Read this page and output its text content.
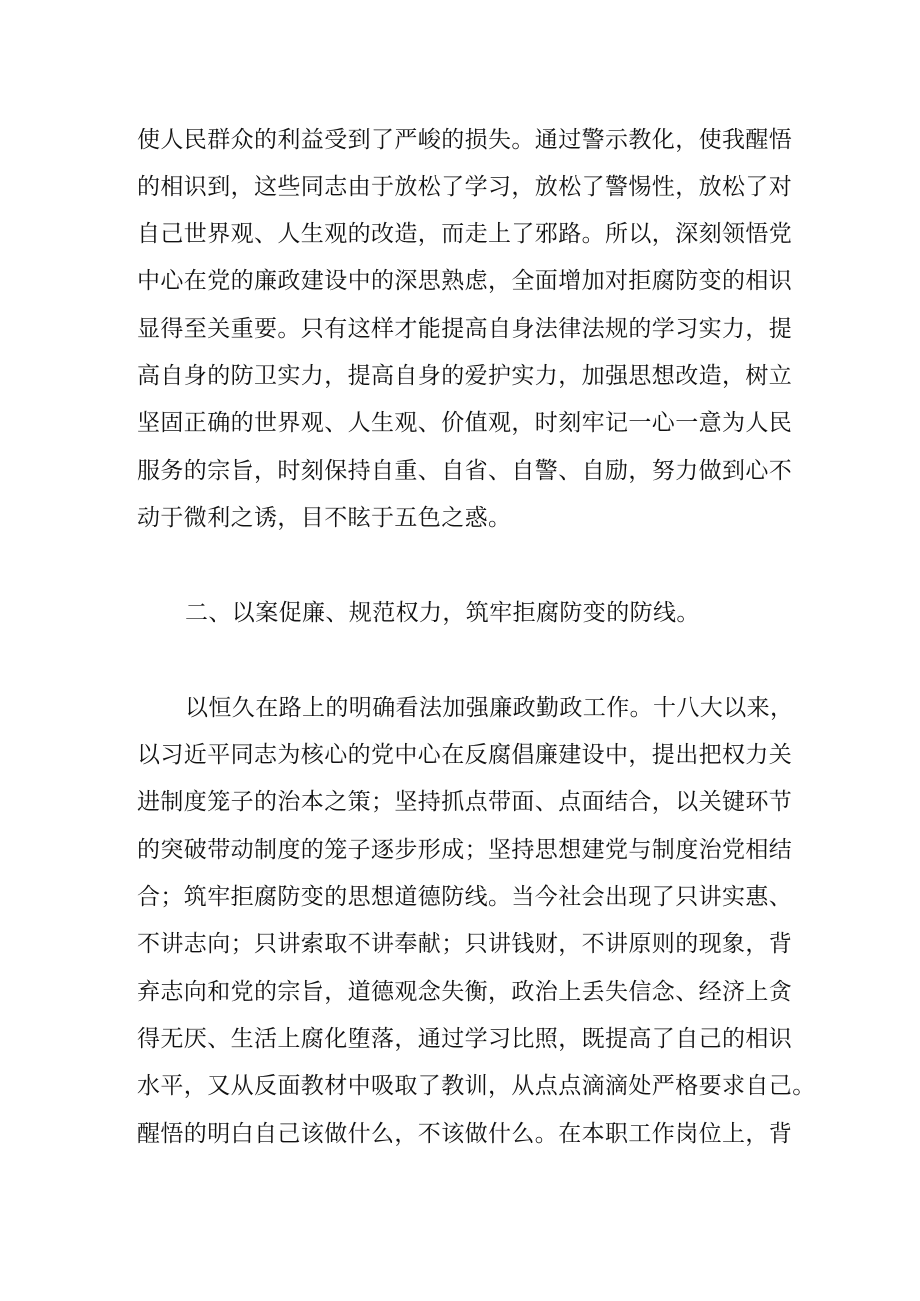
使人民群众的利益受到了严峻的损失。通过警示教化，使我醒悟
的相识到，这些同志由于放松了学习，放松了警惕性，放松了对
自己世界观、人生观的改造，而走上了邪路。所以，深刻领悟党
中心在党的廉政建设中的深思熟虑，全面增加对拒腐防变的相识
显得至关重要。只有这样才能提高自身法律法规的学习实力，提
高自身的防卫实力，提高自身的爱护实力，加强思想改造，树立
坚固正确的世界观、人生观、价值观，时刻牢记一心一意为人民
服务的宗旨，时刻保持自重、自省、自警、自励，努力做到心不
动于微利之诱，目不眩于五色之惑。
二、以案促廉、规范权力，筑牢拒腐防变的防线。
以恒久在路上的明确看法加强廉政勤政工作。十八大以来，
以习近平同志为核心的党中心在反腐倡廉建设中，提出把权力关
进制度笼子的治本之策；坚持抓点带面、点面结合，以关键环节
的突破带动制度的笼子逐步形成；坚持思想建党与制度治党相结
合；筑牢拒腐防变的思想道德防线。当今社会出现了只讲实惠、
不讲志向；只讲索取不讲奉献；只讲钱财，不讲原则的现象，背
弃志向和党的宗旨，道德观念失衡，政治上丢失信念、经济上贪
得无厌、生活上腐化堕落，通过学习比照，既提高了自己的相识
水平，又从反面教材中吸取了教训，从点点滴滴处严格要求自己。
醒悟的明白自己该做什么，不该做什么。在本职工作岗位上，背
